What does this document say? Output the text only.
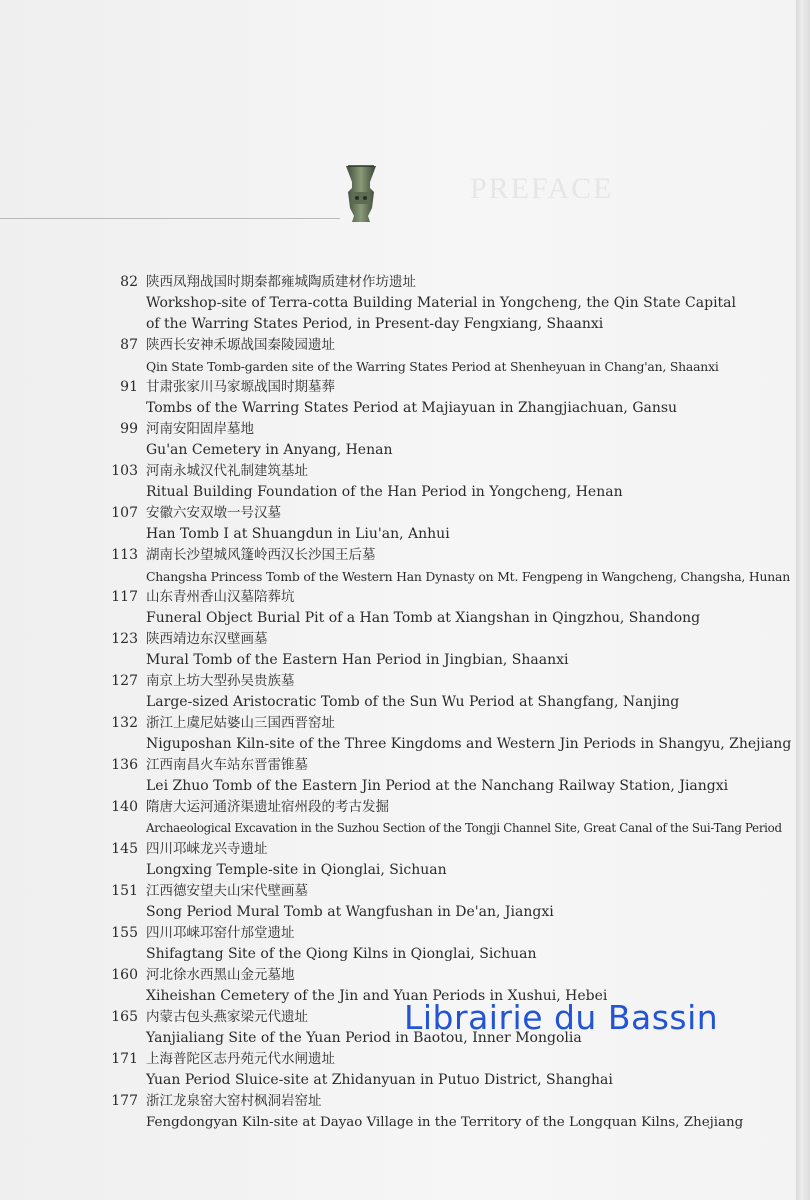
PREFACE
82 陕西凤翔战国时期秦都雍城陶质建材作坊遗址
Workshop-site of Terra-cotta Building Material in Yongcheng, the Qin State Capital
of the Warring States Period, in Present-day Fengxiang, Shaanxi
87 陕西长安神禾塬战国秦陵园遗址
Qin State Tomb-garden site of the Warring States Period at Shenheyuan in Chang'an, Shaanxi
91 甘肃张家川马家塬战国时期墓葬
Tombs of the Warring States Period at Majiayuan in Zhangjiachuan, Gansu
99 河南安阳固岸墓地
Gu'an Cemetery in Anyang, Henan
103 河南永城汉代礼制建筑基址
Ritual Building Foundation of the Han Period in Yongcheng, Henan
107 安徽六安双墩一号汉墓
Han Tomb I at Shuangdun in Liu'an, Anhui
113 湖南长沙望城风篷岭西汉长沙国王后墓
Changsha Princess Tomb of the Western Han Dynasty on Mt. Fengpeng in Wangcheng, Changsha, Hunan
117 山东青州香山汉墓陪葬坑
Funeral Object Burial Pit of a Han Tomb at Xiangshan in Qingzhou, Shandong
123 陕西靖边东汉壁画墓
Mural Tomb of the Eastern Han Period in Jingbian, Shaanxi
127 南京上坊大型孙吴贵族墓
Large-sized Aristocratic Tomb of the Sun Wu Period at Shangfang, Nanjing
132 浙江上虞尼姑婆山三国西晋窑址
Niguposhan Kiln-site of the Three Kingdoms and Western Jin Periods in Shangyu, Zhejiang
136 江西南昌火车站东晋雷锥墓
Lei Zhuo Tomb of the Eastern Jin Period at the Nanchang Railway Station, Jiangxi
140 隋唐大运河通济渠遗址宿州段的考古发掘
Archaeological Excavation in the Suzhou Section of the Tongji Channel Site, Great Canal of the Sui-Tang Period
145 四川邛崃龙兴寺遗址
Longxing Temple-site in Qionglai, Sichuan
151 江西德安望夫山宋代壁画墓
Song Period Mural Tomb at Wangfushan in De'an, Jiangxi
155 四川邛崃邛窑什邡堂遗址
Shifagtang Site of the Qiong Kilns in Qionglai, Sichuan
160 河北徐水西黑山金元墓地
Xiheishan Cemetery of the Jin and Yuan Periods in Xushui, Hebei
165 内蒙古包头燕家梁元代遗址
Yanjialiang Site of the Yuan Period in Baotou, Inner Mongolia
171 上海普陀区志丹苑元代水闸遗址
Yuan Period Sluice-site at Zhidanyuan in Putuo District, Shanghai
177 浙江龙泉窑大窑村枫洞岩窑址
Fengdongyan Kiln-site at Dayao Village in the Territory of the Longquan Kilns, Zhejiang
Librairie du Bassin
